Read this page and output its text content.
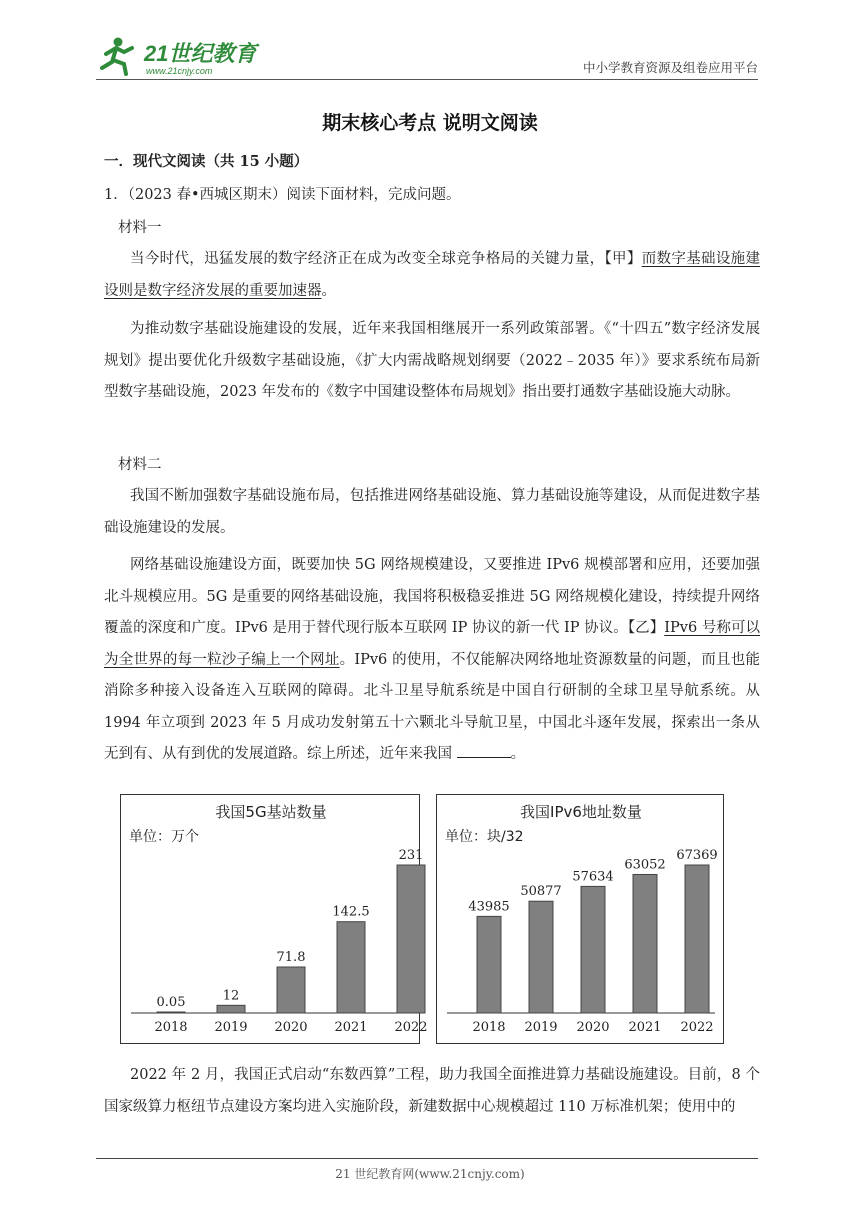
21世纪教育
www.21cnjy.com	中小学教育资源及组卷应用平台
期末核心考点 说明文阅读
一．现代文阅读（共 15 小题）
1．（2023 春•西城区期末）阅读下面材料，完成问题。
材料一

当今时代，迅猛发展的数字经济正在成为改变全球竞争格局的关键力量，【甲】而数字基础设施建设则是数字经济发展的重要加速器。

为推动数字基础设施建设的发展，近年来我国相继展开一系列政策部署。《“十四五”数字经济发展规划》提出要优化升级数字基础设施，《扩大内需战略规划纲要（2022﹣2035 年）》要求系统布局新型数字基础设施，2023 年发布的《数字中国建设整体布局规划》指出要打通数字基础设施大动脉。

材料二

我国不断加强数字基础设施布局，包括推进网络基础设施、算力基础设施等建设，从而促进数字基础设施建设的发展。

网络基础设施建设方面，既要加快 5G 网络规模建设，又要推进 IPv6 规模部署和应用，还要加强北斗规模应用。5G 是重要的网络基础设施，我国将积极稳妥推进 5G 网络规模化建设，持续提升网络覆盖的深度和广度。IPv6 是用于替代现行版本互联网 IP 协议的新一代 IP 协议。【乙】IPv6 号称可以为全世界的每一粒沙子编上一个网址。IPv6 的使用，不仅能解决网络地址资源数量的问题，而且也能消除多种接入设备连入互联网的障碍。北斗卫星导航系统是中国自行研制的全球卫星导航系统。从 1994 年立项到 2023 年 5 月成功发射第五十六颗北斗导航卫星，中国北斗逐年发展，探索出一条从无到有、从有到优的发展道路。综上所述，近年来我国	。

我国5G基站数量
单位：万个
0.05
2018
12
2019
71.8
2020
142.5
2021
231
2022
我国IPv6地址数量
单位：块/32
43985
2018
50877
2019
57634
2020
63052
2021
67369
2022

2022 年 2 月，我国正式启动“东数西算”工程，助力我国全面推进算力基础设施建设。目前，8 个国家级算力枢纽节点建设方案均进入实施阶段，新建数据中心规模超过 110 万标准机架；使用中的

21 世纪教育网(www.21cnjy.com)
